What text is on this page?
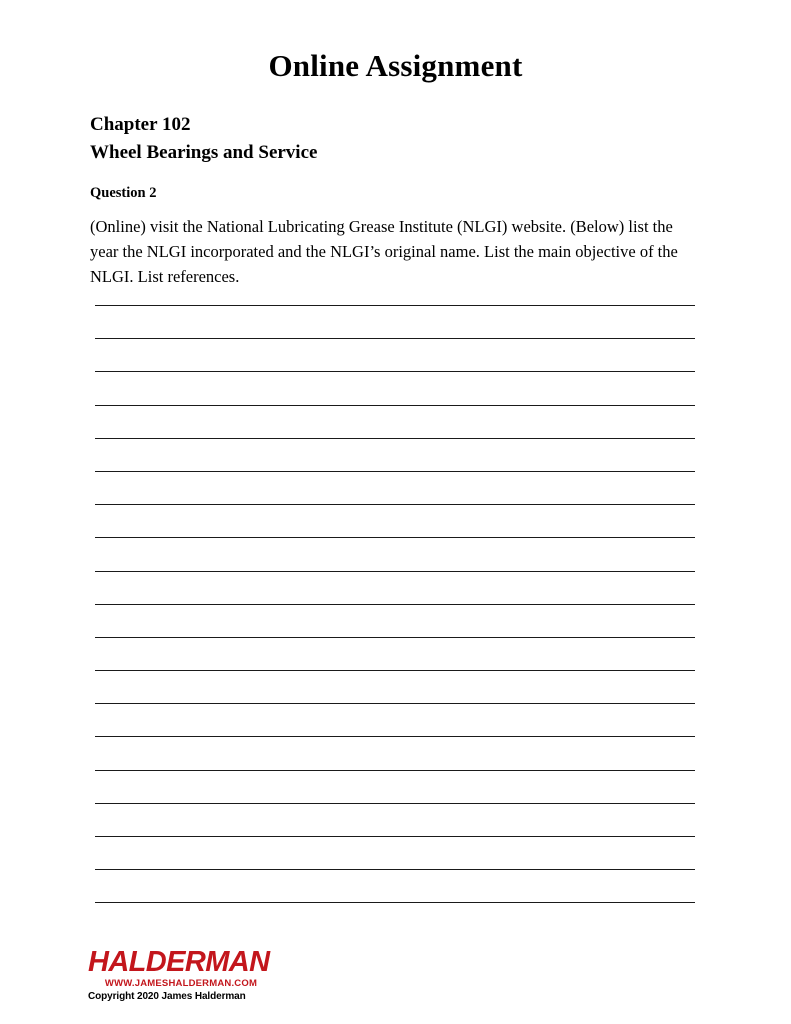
Online Assignment
Chapter 102
Wheel Bearings and Service
Question 2
(Online) visit the National Lubricating Grease Institute (NLGI) website. (Below) list the year the NLGI incorporated and the NLGI’s original name. List the main objective of the NLGI. List references.
HALDERMAN
WWW.JAMESHALDERMAN.COM
Copyright 2020 James Halderman
